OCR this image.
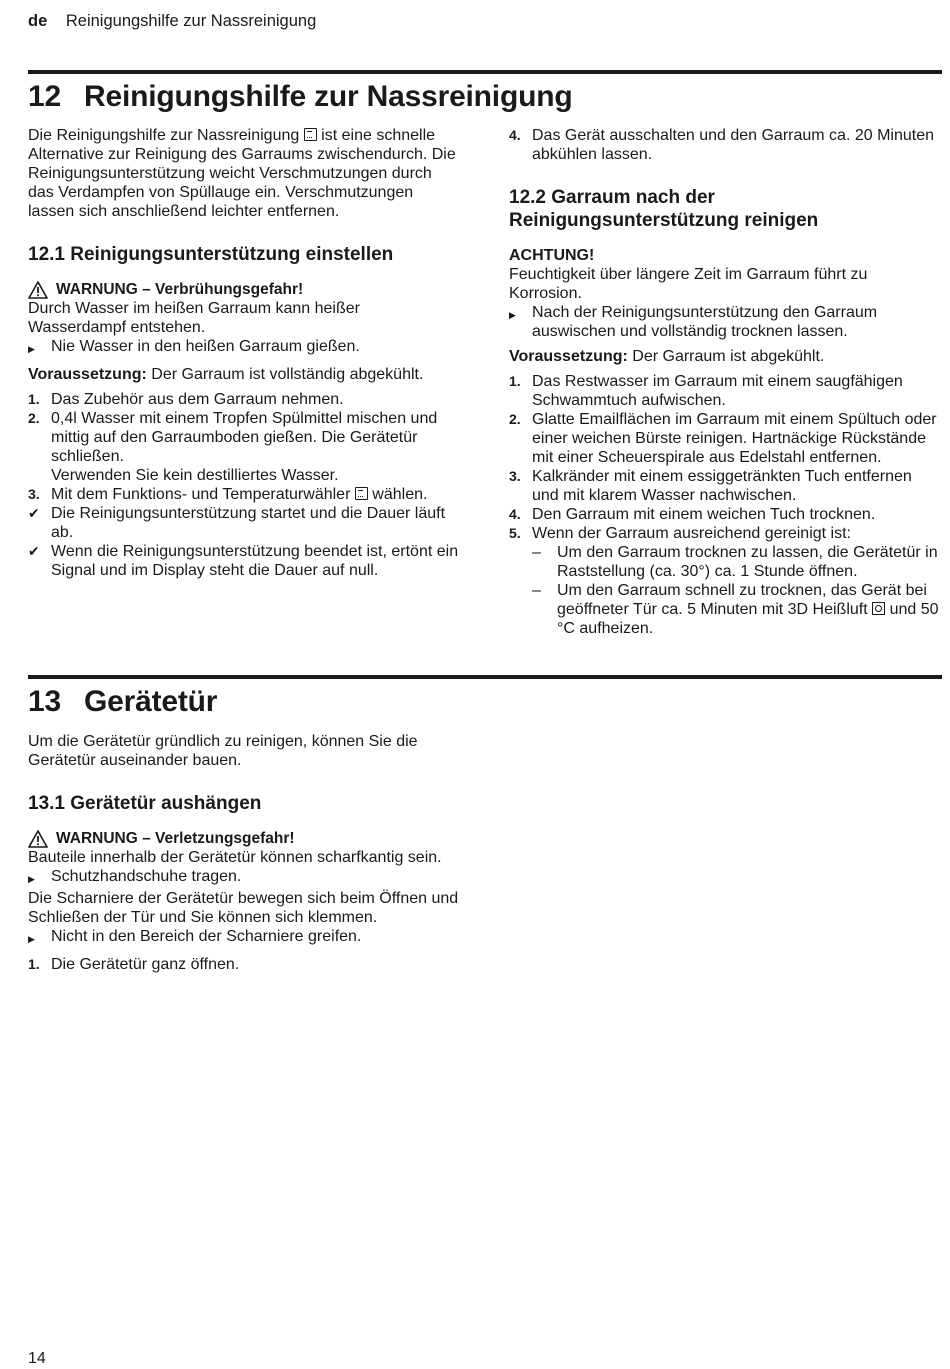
de Reinigungshilfe zur Nassreinigung
12 Reinigungshilfe zur Nassreinigung

Die Reinigungshilfe zur Nassreinigung ist eine schnelle Alternative zur Reinigung des Garraums zwischendurch. Die Reinigungsunterstützung weicht Verschmutzungen durch das Verdampfen von Spüllauge ein. Verschmutzungen lassen sich anschließend leichter entfernen.

12.1 Reinigungsunterstützung einstellen
WARNUNG – Verbrühungsgefahr!

Durch Wasser im heißen Garraum kann heißer Wasserdampf entstehen.

▶	Nie Wasser in den heißen Garraum gießen.

Voraussetzung: Der Garraum ist vollständig abgekühlt.

1. Das Zubehör aus dem Garraum nehmen.
2. 0,4l Wasser mit einem Tropfen Spülmittel mischen und mittig auf den Garraumboden gießen. Die Gerätetür schließen.
Verwenden Sie kein destilliertes Wasser.
3. Mit dem Funktions- und Temperaturwähler wählen.
✔ Die Reinigungsunterstützung startet und die Dauer läuft ab.
✔ Wenn die Reinigungsunterstützung beendet ist, ertönt ein Signal und im Display steht die Dauer auf null.
4. Das Gerät ausschalten und den Garraum ca. 20 Minuten abkühlen lassen.
12.2 Garraum nach der Reinigungsunterstützung reinigen

ACHTUNG!

Feuchtigkeit über längere Zeit im Garraum führt zu Korrosion.

▶	Nach der Reinigungsunterstützung den Garraum auswischen und vollständig trocknen lassen.

Voraussetzung: Der Garraum ist abgekühlt.

1. Das Restwasser im Garraum mit einem saugfähigen Schwammtuch aufwischen.
2. Glatte Emailflächen im Garraum mit einem Spültuch oder einer weichen Bürste reinigen. Hartnäckige Rückstände mit einer Scheuerspirale aus Edelstahl entfernen.
3. Kalkränder mit einem essiggetränkten Tuch entfernen und mit klarem Wasser nachwischen.
4. Den Garraum mit einem weichen Tuch trocknen.
5. Wenn der Garraum ausreichend gereinigt ist:
–	Um den Garraum trocknen zu lassen, die Gerätetür in Raststellung (ca. 30°) ca. 1 Stunde öffnen.
–	Um den Garraum schnell zu trocknen, das Gerät bei geöffneter Tür ca. 5 Minuten mit 3D Heißluft und 50 °C aufheizen.
13 Gerätetür

Um die Gerätetür gründlich zu reinigen, können Sie die Gerätetür auseinander bauen.

13.1 Gerätetür aushängen
WARNUNG – Verletzungsgefahr!

Bauteile innerhalb der Gerätetür können scharfkantig sein.

▶	Schutzhandschuhe tragen.

Die Scharniere der Gerätetür bewegen sich beim Öffnen und Schließen der Tür und Sie können sich klemmen.

▶	Nicht in den Bereich der Scharniere greifen.
1. Die Gerätetür ganz öffnen.
14
